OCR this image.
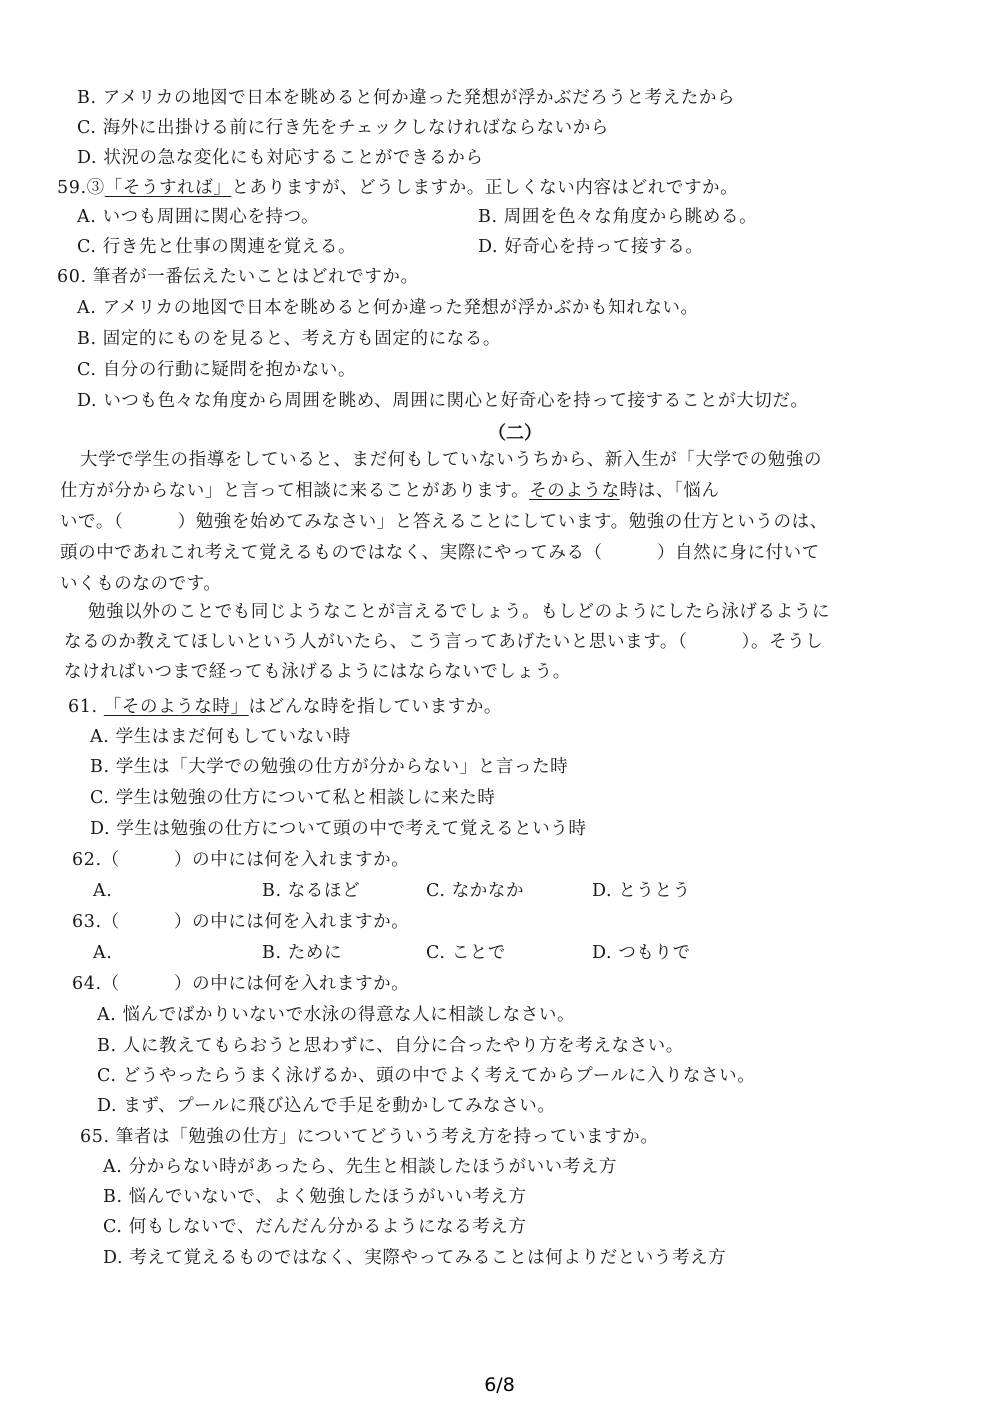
B. アメリカの地図で日本を眺めると何か違った発想が浮かぶだろうと考えたから
C. 海外に出掛ける前に行き先をチェックしなければならないから
D. 状況の急な変化にも対応することができるから
59.③「そうすれば」とありますが、どうしますか。正しくない内容はどれですか。
A. いつも周囲に関心を持つ。	B. 周囲を色々な角度から眺める。
C. 行き先と仕事の関連を覚える。	D. 好奇心を持って接する。
60. 筆者が一番伝えたいことはどれですか。
A. アメリカの地図で日本を眺めると何か違った発想が浮かぶかも知れない。
B. 固定的にものを見ると、考え方も固定的になる。
C. 自分の行動に疑問を抱かない。
D. いつも色々な角度から周囲を眺め、周囲に関心と好奇心を持って接することが大切だ。
（二）
大学で学生の指導をしていると、まだ何もしていないうちから、新入生が「大学での勉強の
仕方が分からない」と言って相談に来ることがあります。そのような時は、「悩ん
いで。（　　　）勉強を始めてみなさい」と答えることにしています。勉強の仕方というのは、
頭の中であれこれ考えて覚えるものではなく、実際にやってみる（　　　）自然に身に付いて
いくものなのです。
勉強以外のことでも同じようなことが言えるでしょう。もしどのようにしたら泳げるように
なるのか教えてほしいという人がいたら、こう言ってあげたいと思います。（　　　）。そうし
なければいつまで経っても泳げるようにはならないでしょう。
61. 「そのような時」はどんな時を指していますか。
A. 学生はまだ何もしていない時
B. 学生は「大学での勉強の仕方が分からない」と言った時
C. 学生は勉強の仕方について私と相談しに来た時
D. 学生は勉強の仕方について頭の中で考えて覚えるという時
62.（　　　）の中には何を入れますか。
A.	B. なるほど	C. なかなか	D. とうとう
63.（　　　）の中には何を入れますか。
A.	B. ために	C. ことで	D. つもりで
64.（　　　）の中には何を入れますか。
A. 悩んでばかりいないで水泳の得意な人に相談しなさい。
B. 人に教えてもらおうと思わずに、自分に合ったやり方を考えなさい。
C. どうやったらうまく泳げるか、頭の中でよく考えてからプールに入りなさい。
D. まず、プールに飛び込んで手足を動かしてみなさい。
65. 筆者は「勉強の仕方」についてどういう考え方を持っていますか。
A. 分からない時があったら、先生と相談したほうがいい考え方
B. 悩んでいないで、よく勉強したほうがいい考え方
C. 何もしないで、だんだん分かるようになる考え方
D. 考えて覚えるものではなく、実際やってみることは何よりだという考え方
6/8
